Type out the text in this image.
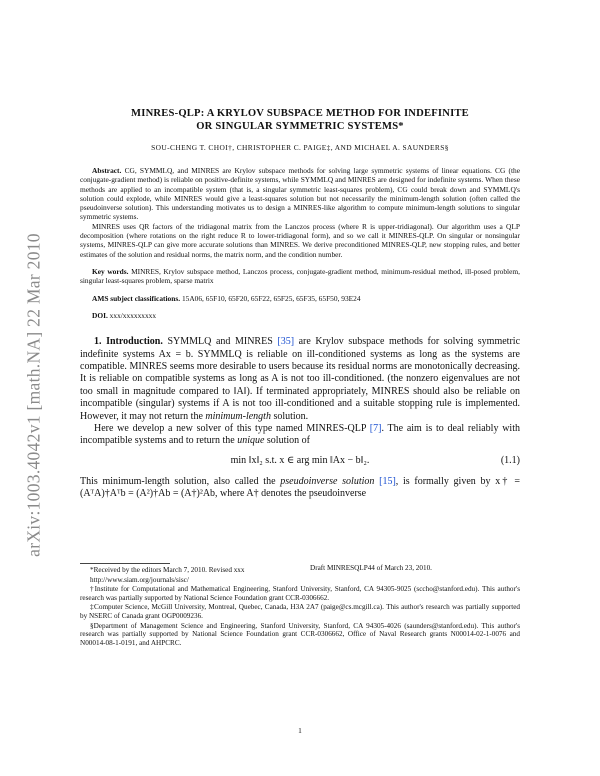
arXiv:1003.4042v1 [math.NA] 22 Mar 2010
MINRES-QLP: A KRYLOV SUBSPACE METHOD FOR INDEFINITE
OR SINGULAR SYMMETRIC SYSTEMS*
SOU-CHENG T. CHOI†, CHRISTOPHER C. PAIGE‡, AND MICHAEL A. SAUNDERS§

Abstract. CG, SYMMLQ, and MINRES are Krylov subspace methods for solving large symmetric systems of linear equations. CG (the conjugate-gradient method) is reliable on positive-definite systems, while SYMMLQ and MINRES are designed for indefinite systems. When these methods are applied to an incompatible system (that is, a singular symmetric least-squares problem), CG could break down and SYMMLQ's solution could explode, while MINRES would give a least-squares solution but not necessarily the minimum-length solution (often called the pseudoinverse solution). This understanding motivates us to design a MINRES-like algorithm to compute minimum-length solutions to singular symmetric systems.

MINRES uses QR factors of the tridiagonal matrix from the Lanczos process (where R is upper-tridiagonal). Our algorithm uses a QLP decomposition (where rotations on the right reduce R to lower-tridiagonal form), and so we call it MINRES-QLP. On singular or nonsingular systems, MINRES-QLP can give more accurate solutions than MINRES. We derive preconditioned MINRES-QLP, new stopping rules, and better estimates of the solution and residual norms, the matrix norm, and the condition number.

Key words. MINRES, Krylov subspace method, Lanczos process, conjugate-gradient method, minimum-residual method, ill-posed problem, singular least-squares problem, sparse matrix
AMS subject classifications. 15A06, 65F10, 65F20, 65F22, 65F25, 65F35, 65F50, 93E24
DOI. xxx/xxxxxxxxx

1. Introduction. SYMMLQ and MINRES [35] are Krylov subspace methods for solving symmetric indefinite systems Ax = b. SYMMLQ is reliable on ill-conditioned systems as long as the systems are compatible. MINRES seems more desirable to users because its residual norms are monotonically decreasing. It is reliable on compatible systems as long as A is not too ill-conditioned. (the nonzero eigenvalues are not too small in magnitude compared to ‖A‖). If terminated appropriately, MINRES should also be reliable on incompatible (singular) systems if A is not too ill-conditioned and a suitable stopping rule is implemented. However, it may not return the minimum-length solution.

Here we develop a new solver of this type named MINRES-QLP [7]. The aim is to deal reliably with incompatible systems and to return the unique solution of

min ‖x‖₂ s.t. x ∈ arg min ‖Ax − b‖₂.	(1.1)

This minimum-length solution, also called the pseudoinverse solution [15], is formally given by x† = (AᵀA)†Aᵀb = (A²)†Ab = (A†)²Ab, where A† denotes the pseudoinverse

Draft MINRESQLP44 of March 23, 2010.

*Received by the editors March 7, 2010. Revised xxx

http://www.siam.org/journals/sisc/

†Institute for Computational and Mathematical Engineering, Stanford University, Stanford, CA 94305-9025 (sccho@stanford.edu). This author's research was partially supported by National Science Foundation grant CCR-0306662.

‡Computer Science, McGill University, Montreal, Quebec, Canada, H3A 2A7 (paige@cs.mcgill.ca). This author's research was partially supported by NSERC of Canada grant OGP0009236.

§Department of Management Science and Engineering, Stanford University, Stanford, CA 94305-4026 (saunders@stanford.edu). This author's research was partially supported by National Science Foundation grant CCR-0306662, Office of Naval Research grants N00014-02-1-0076 and N00014-08-1-0191, and AHPCRC.

1
